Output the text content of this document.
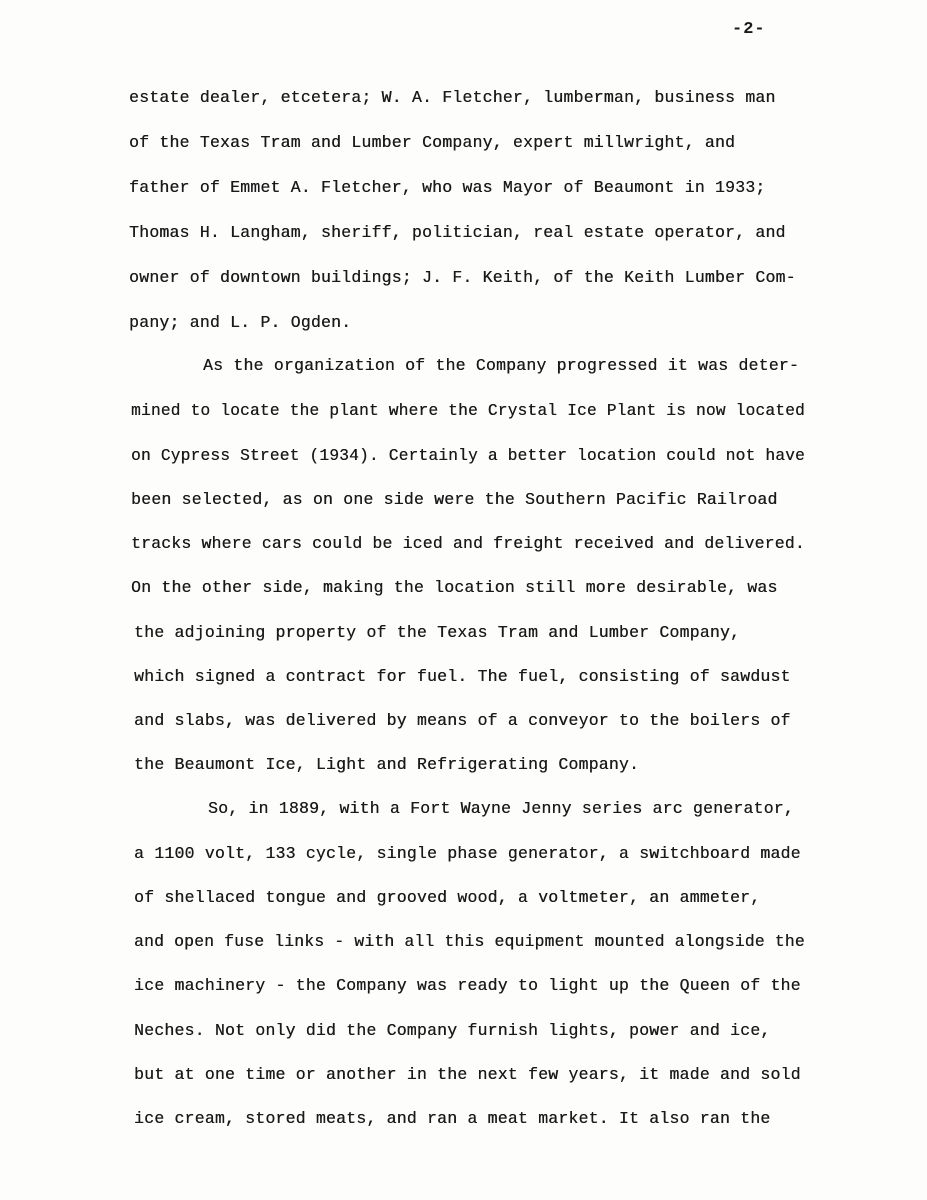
-2-
estate dealer, etcetera; W. A. Fletcher, lumberman, business man
of the Texas Tram and Lumber Company, expert millwright, and
father of Emmet A. Fletcher, who was Mayor of Beaumont in 1933;
Thomas H. Langham, sheriff, politician, real estate operator, and
owner of downtown buildings; J. F. Keith, of the Keith Lumber Com-
pany; and L. P. Ogden.
As the organization of the Company progressed it was deter-
mined to locate the plant where the Crystal Ice Plant is now located
on Cypress Street (1934). Certainly a better location could not have
been selected, as on one side were the Southern Pacific Railroad
tracks where cars could be iced and freight received and delivered.
On the other side, making the location still more desirable, was
the adjoining property of the Texas Tram and Lumber Company,
which signed a contract for fuel. The fuel, consisting of sawdust
and slabs, was delivered by means of a conveyor to the boilers of
the Beaumont Ice, Light and Refrigerating Company.
So, in 1889, with a Fort Wayne Jenny series arc generator,
a 1100 volt, 133 cycle, single phase generator, a switchboard made
of shellaced tongue and grooved wood, a voltmeter, an ammeter,
and open fuse links - with all this equipment mounted alongside the
ice machinery - the Company was ready to light up the Queen of the
Neches. Not only did the Company furnish lights, power and ice,
but at one time or another in the next few years, it made and sold
ice cream, stored meats, and ran a meat market. It also ran the
